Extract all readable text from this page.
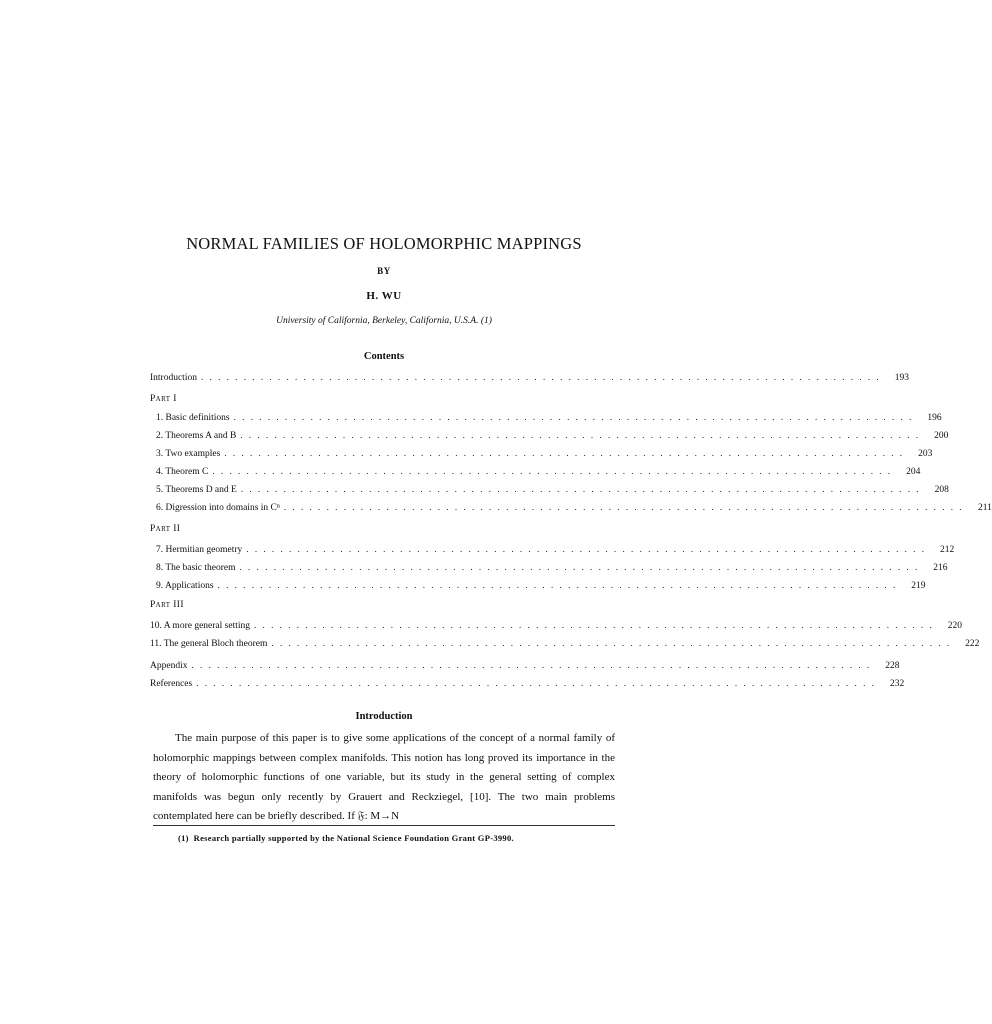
NORMAL FAMILIES OF HOLOMORPHIC MAPPINGS
BY
H. WU
University of California, Berkeley, California, U.S.A. (1)
Contents
Introduction ................................................................................	193
Part I
1. Basic definitions ................................................................................	196
2. Theorems A and B ................................................................................	200
3. Two examples ................................................................................	203
4. Theorem C ................................................................................	204
5. Theorems D and E ................................................................................	208
6. Digression into domains in Cⁿ ................................................................................	211
Part II
7. Hermitian geometry ................................................................................	212
8. The basic theorem ................................................................................	216
9. Applications ................................................................................	219
Part III
10. A more general setting ................................................................................	220
11. The general Bloch theorem ................................................................................	222
Appendix ................................................................................	228
References ................................................................................	232
Introduction

The main purpose of this paper is to give some applications of the concept of a normal family of holomorphic mappings between complex manifolds. This notion has long proved its importance in the theory of holomorphic functions of one variable, but its study in the general setting of complex manifolds was begun only recently by Grauert and Reckziegel, [10]. The two main problems contemplated here can be briefly described. If 𝔉: M→N

(1) Research partially supported by the National Science Foundation Grant GP-3990.
